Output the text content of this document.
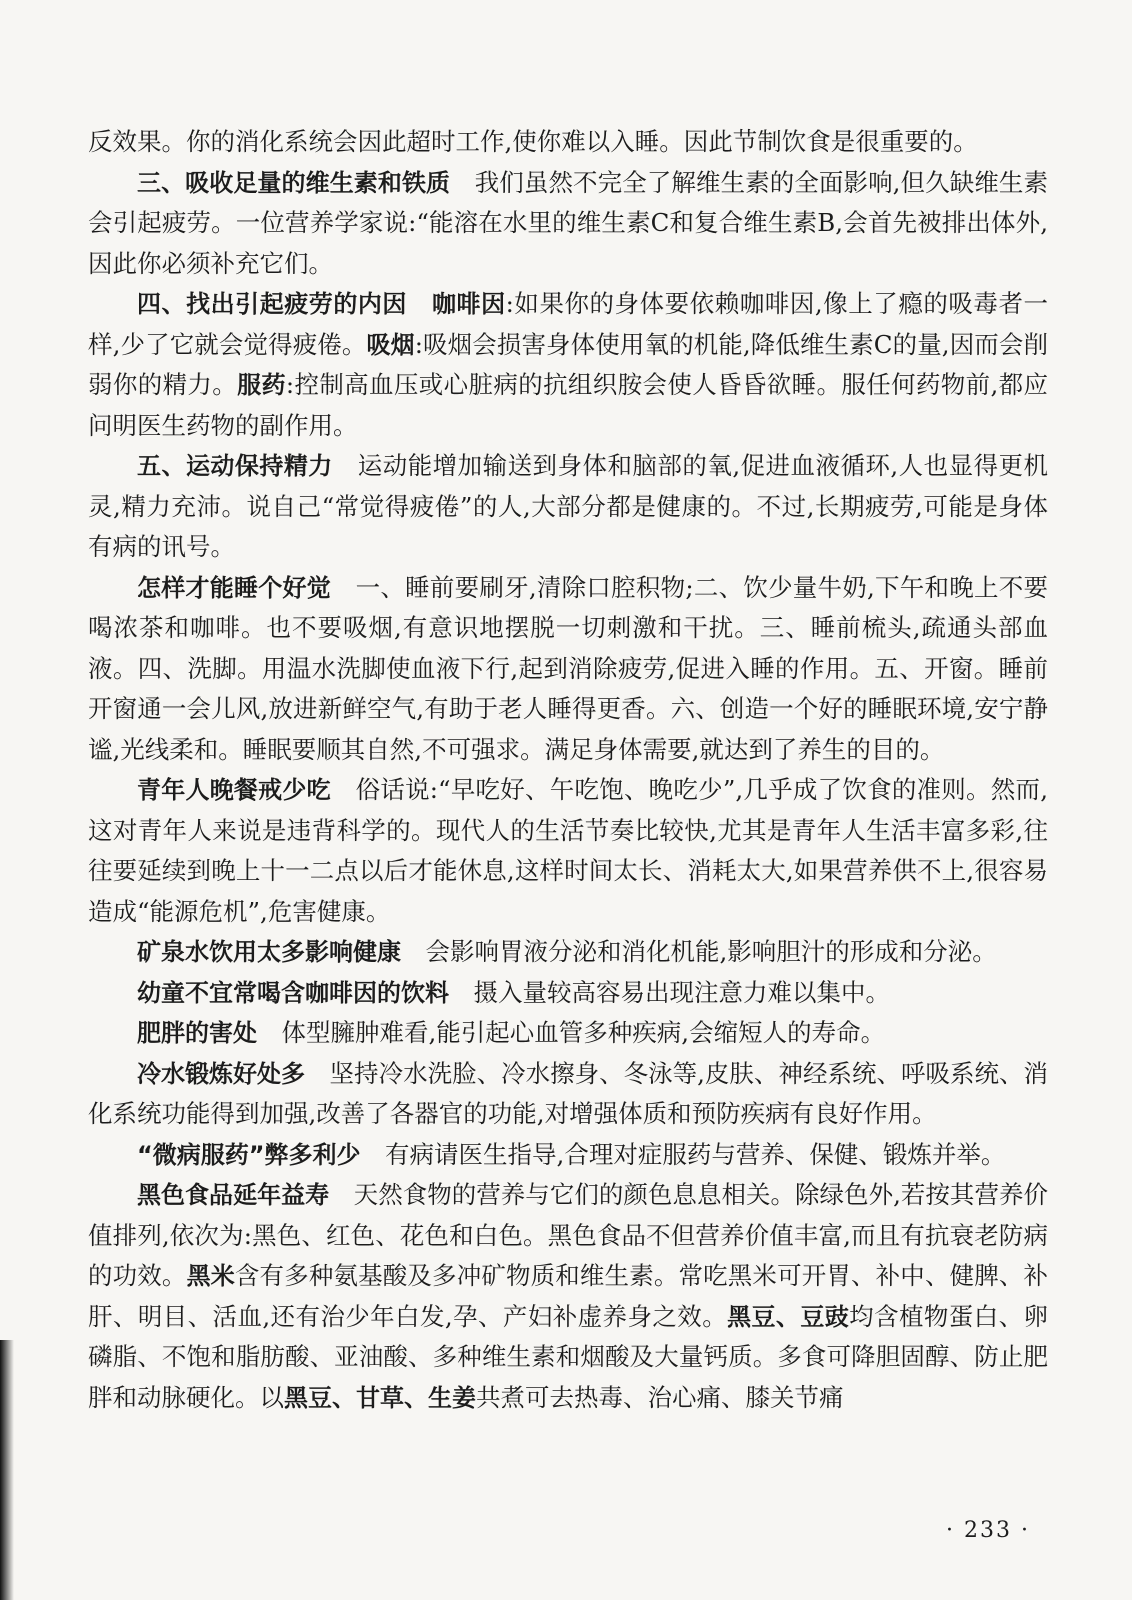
反效果。你的消化系统会因此超时工作,使你难以入睡。因此节制饮食是很重要的。

三、吸收足量的维生素和铁质　我们虽然不完全了解维生素的全面影响,但久缺维生素会引起疲劳。一位营养学家说:“能溶在水里的维生素C和复合维生素B,会首先被排出体外,因此你必须补充它们。

四、找出引起疲劳的内因　 咖啡因:如果你的身体要依赖咖啡因,像上了瘾的吸毒者一样,少了它就会觉得疲倦。吸烟:吸烟会损害身体使用氧的机能,降低维生素C的量,因而会削弱你的精力。服药:控制高血压或心脏病的抗组织胺会使人昏昏欲睡。服任何药物前,都应问明医生药物的副作用。

五、运动保持精力　运动能增加输送到身体和脑部的氧,促进血液循环,人也显得更机灵,精力充沛。说自己“常觉得疲倦”的人,大部分都是健康的。不过,长期疲劳,可能是身体有病的讯号。

怎样才能睡个好觉　一、睡前要刷牙,清除口腔积物;二、饮少量牛奶,下午和晚上不要喝浓茶和咖啡。也不要吸烟,有意识地摆脱一切刺激和干扰。三、睡前梳头,疏通头部血液。四、洗脚。用温水洗脚使血液下行,起到消除疲劳,促进入睡的作用。五、开窗。睡前开窗通一会儿风,放进新鲜空气,有助于老人睡得更香。六、创造一个好的睡眠环境,安宁静谧,光线柔和。睡眠要顺其自然,不可强求。满足身体需要,就达到了养生的目的。

青年人晚餐戒少吃　俗话说:“早吃好、午吃饱、晚吃少”,几乎成了饮食的准则。然而,这对青年人来说是违背科学的。现代人的生活节奏比较快,尤其是青年人生活丰富多彩,往往要延续到晚上十一二点以后才能休息,这样时间太长、消耗太大,如果营养供不上,很容易造成“能源危机”,危害健康。

矿泉水饮用太多影响健康　会影响胃液分泌和消化机能,影响胆汁的形成和分泌。

幼童不宜常喝含咖啡因的饮料　摄入量较高容易出现注意力难以集中。

肥胖的害处　体型臃肿难看,能引起心血管多种疾病,会缩短人的寿命。

冷水锻炼好处多　坚持冷水洗脸、冷水擦身、冬泳等,皮肤、神经系统、呼吸系统、消化系统功能得到加强,改善了各器官的功能,对增强体质和预防疾病有良好作用。

“微病服药”弊多利少　有病请医生指导,合理对症服药与营养、保健、锻炼并举。

黑色食品延年益寿　天然食物的营养与它们的颜色息息相关。除绿色外,若按其营养价值排列,依次为:黑色、红色、花色和白色。黑色食品不但营养价值丰富,而且有抗衰老防病的功效。黑米含有多种氨基酸及多冲矿物质和维生素。常吃黑米可开胃、补中、健脾、补肝、明目、活血,还有治少年白发,孕、产妇补虚养身之效。黑豆、豆豉均含植物蛋白、卵磷脂、不饱和脂肪酸、亚油酸、多种维生素和烟酸及大量钙质。多食可降胆固醇、防止肥胖和动脉硬化。以黑豆、甘草、生姜共煮可去热毒、治心痛、膝关节痛

· 233 ·
